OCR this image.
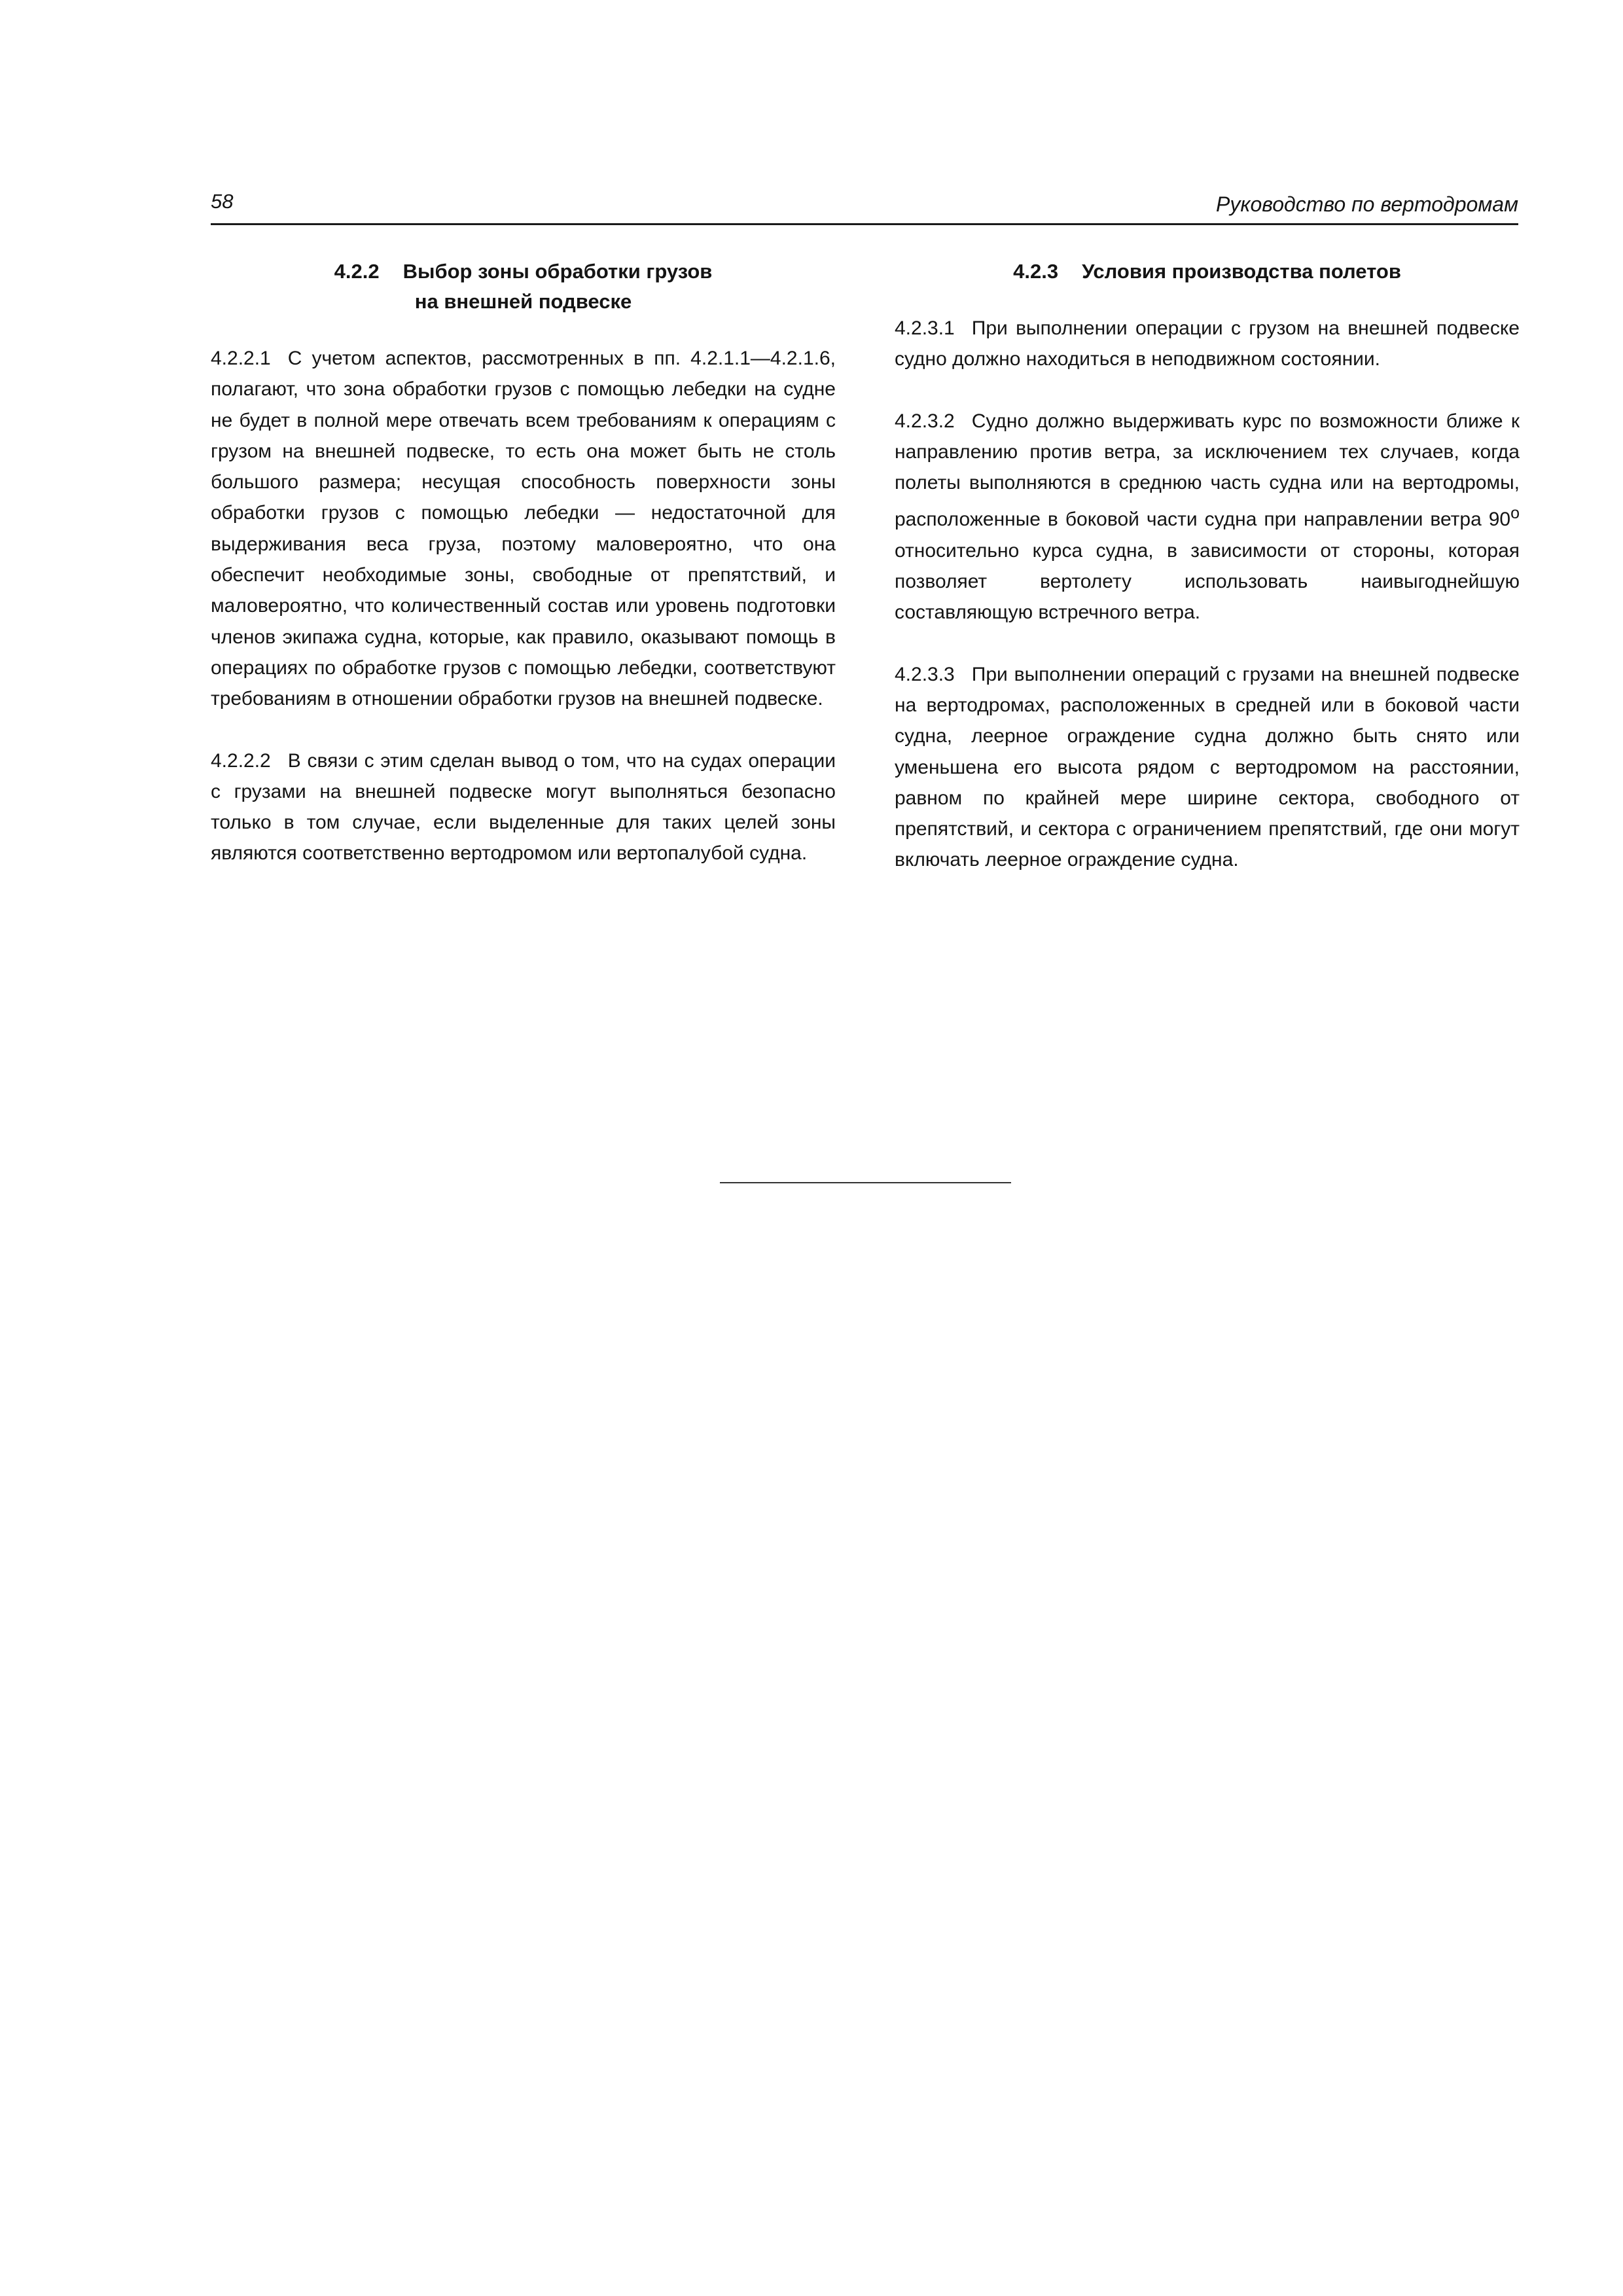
58	Руководство по вертодромам
4.2.2 Выбор зоны обработки грузов
на внешней подвеске

4.2.2.1 С учетом аспектов, рассмотренных в пп. 4.2.1.1—4.2.1.6, полагают, что зона обработки грузов с помощью лебедки на судне не будет в полной мере отвечать всем требованиям к операциям с грузом на внешней подвеске, то есть она может быть не столь большого размера; несущая способность поверхности зоны обработки грузов с помощью лебедки — недостаточной для выдерживания веса груза, поэтому маловероятно, что она обеспечит необходимые зоны, свободные от препятствий, и маловероятно, что количественный состав или уровень подготовки членов экипажа судна, которые, как правило, оказывают помощь в операциях по обработке грузов с помощью лебедки, соответствуют требованиям в отношении обработки грузов на внешней подвеске.

4.2.2.2 В связи с этим сделан вывод о том, что на судах операции с грузами на внешней подвеске могут выполняться безопасно только в том случае, если выделенные для таких целей зоны являются соответственно вертодромом или вертопалубой судна.

4.2.3 Условия производства полетов

4.2.3.1 При выполнении операции с грузом на внешней подвеске судно должно находиться в неподвижном состоянии.

4.2.3.2 Судно должно выдерживать курс по возможности ближе к направлению против ветра, за исключением тех случаев, когда полеты выполняются в среднюю часть судна или на вертодромы, расположенные в боковой части судна при направлении ветра 90$^o$ относительно курса судна, в зависимости от стороны, которая позволяет вертолету использовать наивыгоднейшую составляющую встречного ветра.

4.2.3.3 При выполнении операций с грузами на внешней подвеске на вертодромах, расположенных в средней или в боковой части судна, леерное ограждение судна должно быть снято или уменьшена его высота рядом с вертодромом на расстоянии, равном по крайней мере ширине сектора, свободного от препятствий, и сектора с ограничением препятствий, где они могут включать леерное ограждение судна.
